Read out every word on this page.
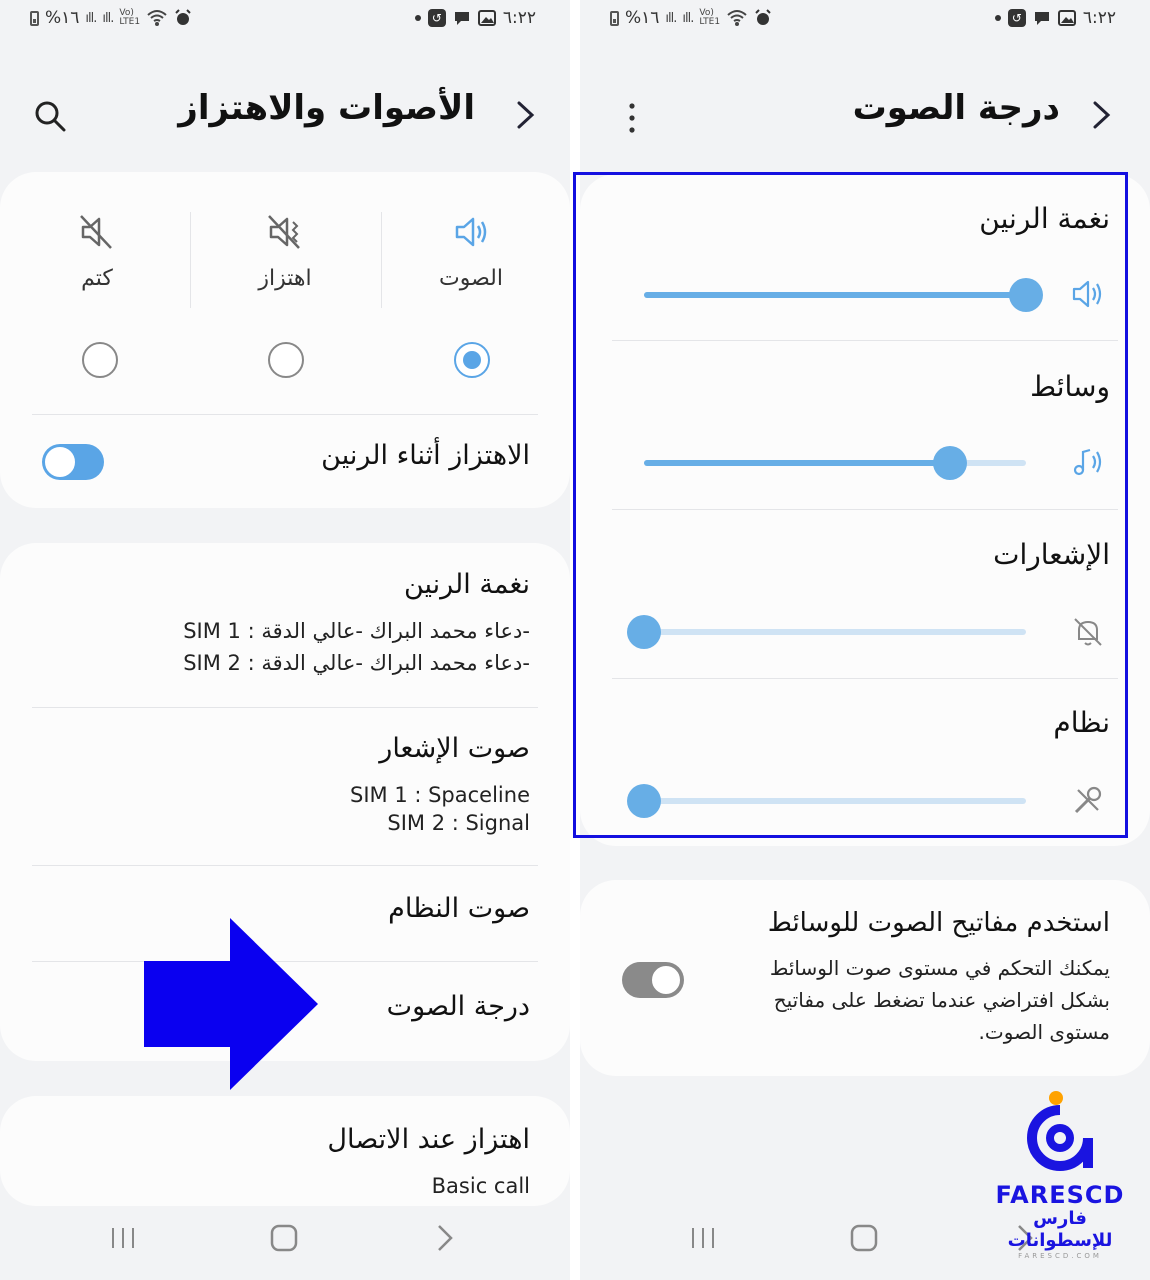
%١٦ ıll. ıll. Vo)
LTE1	↺	٦:٢٢
الأصوات والاهتزاز
الصوت
اهتزاز
كتم
الاهتزاز أثناء الرنين
نغمة الرنين
SIM 1 : دعاء محمد البراك -عالي الدقة-
SIM 2 : دعاء محمد البراك -عالي الدقة-
صوت الإشعار
SIM 1 : Spaceline
SIM 2 : Signal
صوت النظام
درجة الصوت
اهتزاز عند الاتصال
Basic call
%١٦ ıll. ıll. Vo)
LTE1	↺	٦:٢٢
درجة الصوت
نغمة الرنين
وسائط
الإشعارات
نظام
استخدم مفاتيح الصوت للوسائط
يمكنك التحكم في مستوى صوت الوسائط
بشكل افتراضي عندما تضغط على مفاتيح
مستوى الصوت.
FARESCD
فارس للإسطوانات
FARESCD.COM
